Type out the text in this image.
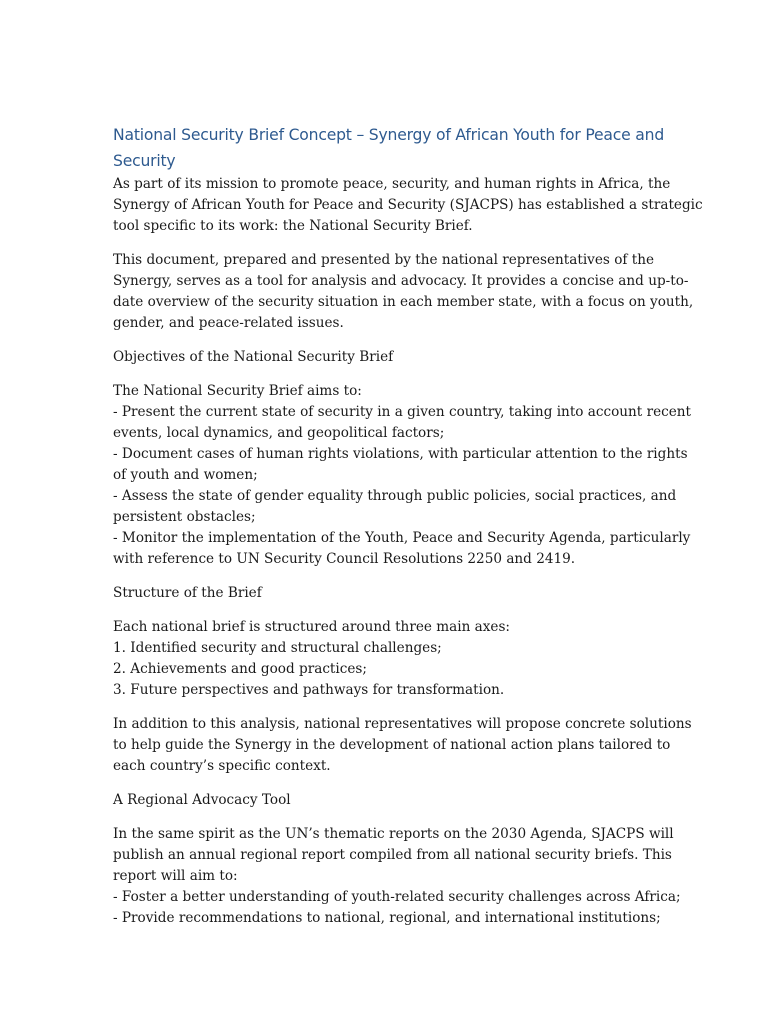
National Security Brief Concept – Synergy of African Youth for Peace and
Security
As part of its mission to promote peace, security, and human rights in Africa, the
Synergy of African Youth for Peace and Security (SJACPS) has established a strategic
tool specific to its work: the National Security Brief.
This document, prepared and presented by the national representatives of the
Synergy, serves as a tool for analysis and advocacy. It provides a concise and up-to-
date overview of the security situation in each member state, with a focus on youth,
gender, and peace-related issues.
Objectives of the National Security Brief
The National Security Brief aims to:
- Present the current state of security in a given country, taking into account recent
events, local dynamics, and geopolitical factors;
- Document cases of human rights violations, with particular attention to the rights
of youth and women;
- Assess the state of gender equality through public policies, social practices, and
persistent obstacles;
- Monitor the implementation of the Youth, Peace and Security Agenda, particularly
with reference to UN Security Council Resolutions 2250 and 2419.
Structure of the Brief
Each national brief is structured around three main axes:
1. Identified security and structural challenges;
2. Achievements and good practices;
3. Future perspectives and pathways for transformation.
In addition to this analysis, national representatives will propose concrete solutions
to help guide the Synergy in the development of national action plans tailored to
each country’s specific context.
A Regional Advocacy Tool
In the same spirit as the UN’s thematic reports on the 2030 Agenda, SJACPS will
publish an annual regional report compiled from all national security briefs. This
report will aim to:
- Foster a better understanding of youth-related security challenges across Africa;
- Provide recommendations to national, regional, and international institutions;
